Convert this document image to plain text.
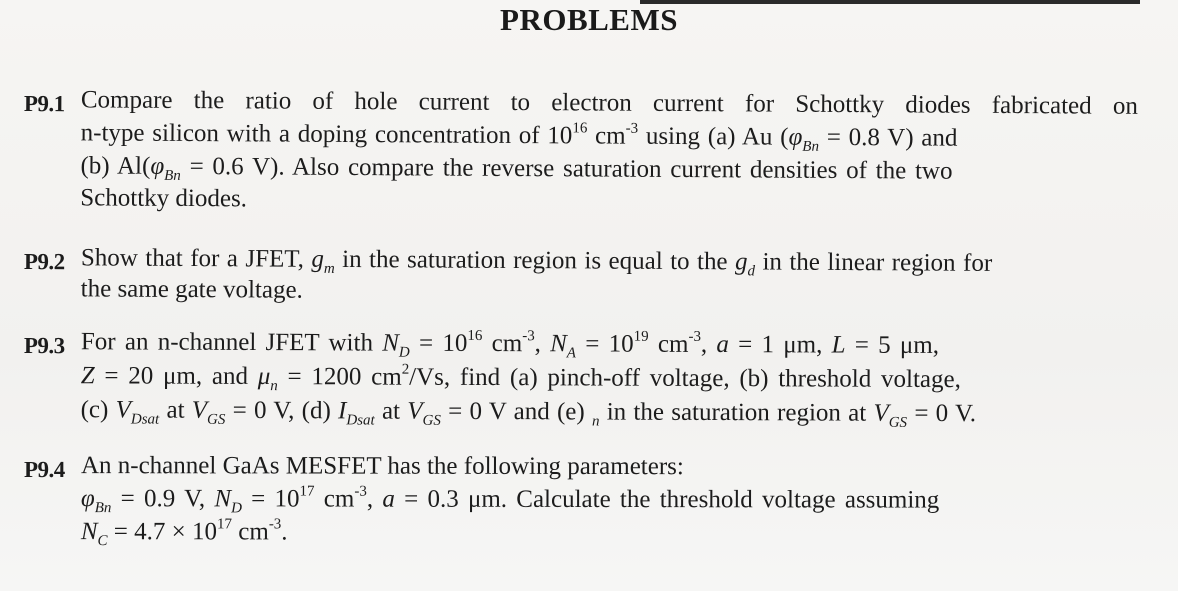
PROBLEMS
P9.1 Compare the ratio of hole current to electron current for Schottky diodes fabricated on
n-type silicon with a doping concentration of $10^{16}$ $cm^{-3}$ using (a) Au ($\varphi_{Bn} = 0.8$ V) and
(b) $Al(\varphi_{Bn} = 0.6$ V). Also compare the reverse saturation current densities of the two
Schottky diodes.
P9.2 Show that for a JFET, $g_m$ in the saturation region is equal to the $g_d$ in the linear region for
the same gate voltage.
P9.3 For an n-channel JFET with $N_D = 10^{16}$ $cm^{-3}$, $N_A = 10^{19}$ $cm^{-3}$, a = 1 μm, L = 5 μm,
Z = 20 μm, and $\mu_n = 1200$ $cm^2/Vs$, find (a) pinch-off voltage, (b) threshold voltage,
(c) $V_{Dsat}$ at $V_{GS} = 0$ V, (d) $I_{Dsat}$ at $V_{GS} = 0$ V and (e) $_n$ in the saturation region at $V_{GS} = 0$ V.
P9.4 An n-channel GaAs MESFET has the following parameters:
$\varphi_{Bn} = 0.9$ V, $N_D = 10^{17}$ $cm^{-3}$, a = 0.3 μm. Calculate the threshold voltage assuming
$N_C = 4.7 \times 10^{17}$ $cm^{-3}$.
